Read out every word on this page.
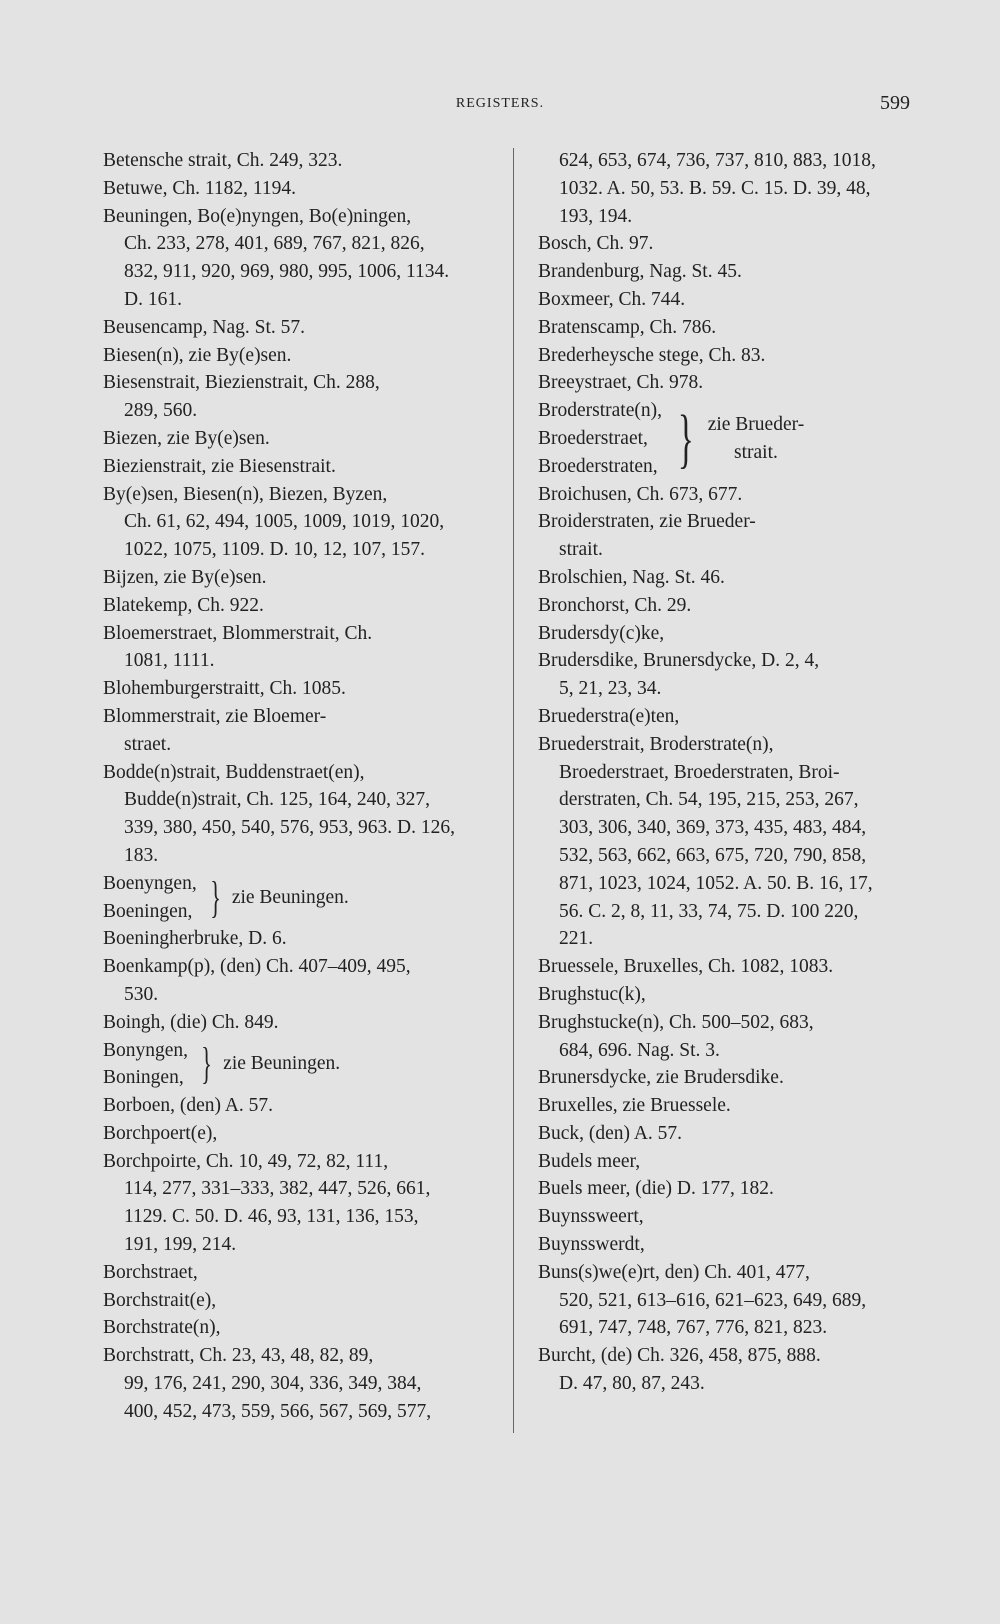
REGISTERS.	599
Betensche strait, Ch. 249, 323.
Betuwe, Ch. 1182, 1194.
Beuningen, Bo(e)nyngen, Bo(e)ningen,
Ch. 233, 278, 401, 689, 767, 821, 826,
832, 911, 920, 969, 980, 995, 1006, 1134.
D. 161.
Beusencamp, Nag. St. 57.
Biesen(n), zie By(e)sen.
Biesenstrait, Biezienstrait, Ch. 288,
289, 560.
Biezen, zie By(e)sen.
Biezienstrait, zie Biesenstrait.
By(e)sen, Biesen(n), Biezen, Byzen,
Ch. 61, 62, 494, 1005, 1009, 1019, 1020,
1022, 1075, 1109. D. 10, 12, 107, 157.
Bijzen, zie By(e)sen.
Blatekemp, Ch. 922.
Bloemerstraet, Blommerstrait, Ch.
1081, 1111.
Blohemburgerstraitt, Ch. 1085.
Blommerstrait, zie Bloemer-
straet.
Bodde(n)strait, Buddenstraet(en),
Budde(n)strait, Ch. 125, 164, 240, 327,
339, 380, 450, 540, 576, 953, 963. D. 126,
183.
Boenyngen,
Boeningen, } zie Beuningen.
Boeningherbruke, D. 6.
Boenkamp(p), (den) Ch. 407–409, 495,
530.
Boingh, (die) Ch. 849.
Bonyngen,
Boningen, } zie Beuningen.
Borboen, (den) A. 57.
Borchpoert(e),
Borchpoirte, Ch. 10, 49, 72, 82, 111,
114, 277, 331–333, 382, 447, 526, 661,
1129. C. 50. D. 46, 93, 131, 136, 153,
191, 199, 214.
Borchstraet,
Borchstrait(e),
Borchstrate(n),
Borchstratt, Ch. 23, 43, 48, 82, 89,
99, 176, 241, 290, 304, 336, 349, 384,
400, 452, 473, 559, 566, 567, 569, 577,
624, 653, 674, 736, 737, 810, 883, 1018,
1032. A. 50, 53. B. 59. C. 15. D. 39, 48,
193, 194.
Bosch, Ch. 97.
Brandenburg, Nag. St. 45.
Boxmeer, Ch. 744.
Bratenscamp, Ch. 786.
Brederheysche stege, Ch. 83.
Breeystraet, Ch. 978.
Broderstrate(n),
Broederstraet,
Broederstraten, } zie Brueder-
strait.
Broichusen, Ch. 673, 677.
Broiderstraten, zie Brueder-
strait.
Brolschien, Nag. St. 46.
Bronchorst, Ch. 29.
Brudersdy(c)ke,
Brudersdike, Brunersdycke, D. 2, 4,
5, 21, 23, 34.
Bruederstra(e)ten,
Bruederstrait, Broderstrate(n),
Broederstraet, Broederstraten, Broi-
derstraten, Ch. 54, 195, 215, 253, 267,
303, 306, 340, 369, 373, 435, 483, 484,
532, 563, 662, 663, 675, 720, 790, 858,
871, 1023, 1024, 1052. A. 50. B. 16, 17,
56. C. 2, 8, 11, 33, 74, 75. D. 100 220,
221.
Bruessele, Bruxelles, Ch. 1082, 1083.
Brughstuc(k),
Brughstucke(n), Ch. 500–502, 683,
684, 696. Nag. St. 3.
Brunersdycke, zie Brudersdike.
Bruxelles, zie Bruessele.
Buck, (den) A. 57.
Budels meer,
Buels meer, (die) D. 177, 182.
Buynssweert,
Buynsswerdt,
Buns(s)we(e)rt, den) Ch. 401, 477,
520, 521, 613–616, 621–623, 649, 689,
691, 747, 748, 767, 776, 821, 823.
Burcht, (de) Ch. 326, 458, 875, 888.
D. 47, 80, 87, 243.
